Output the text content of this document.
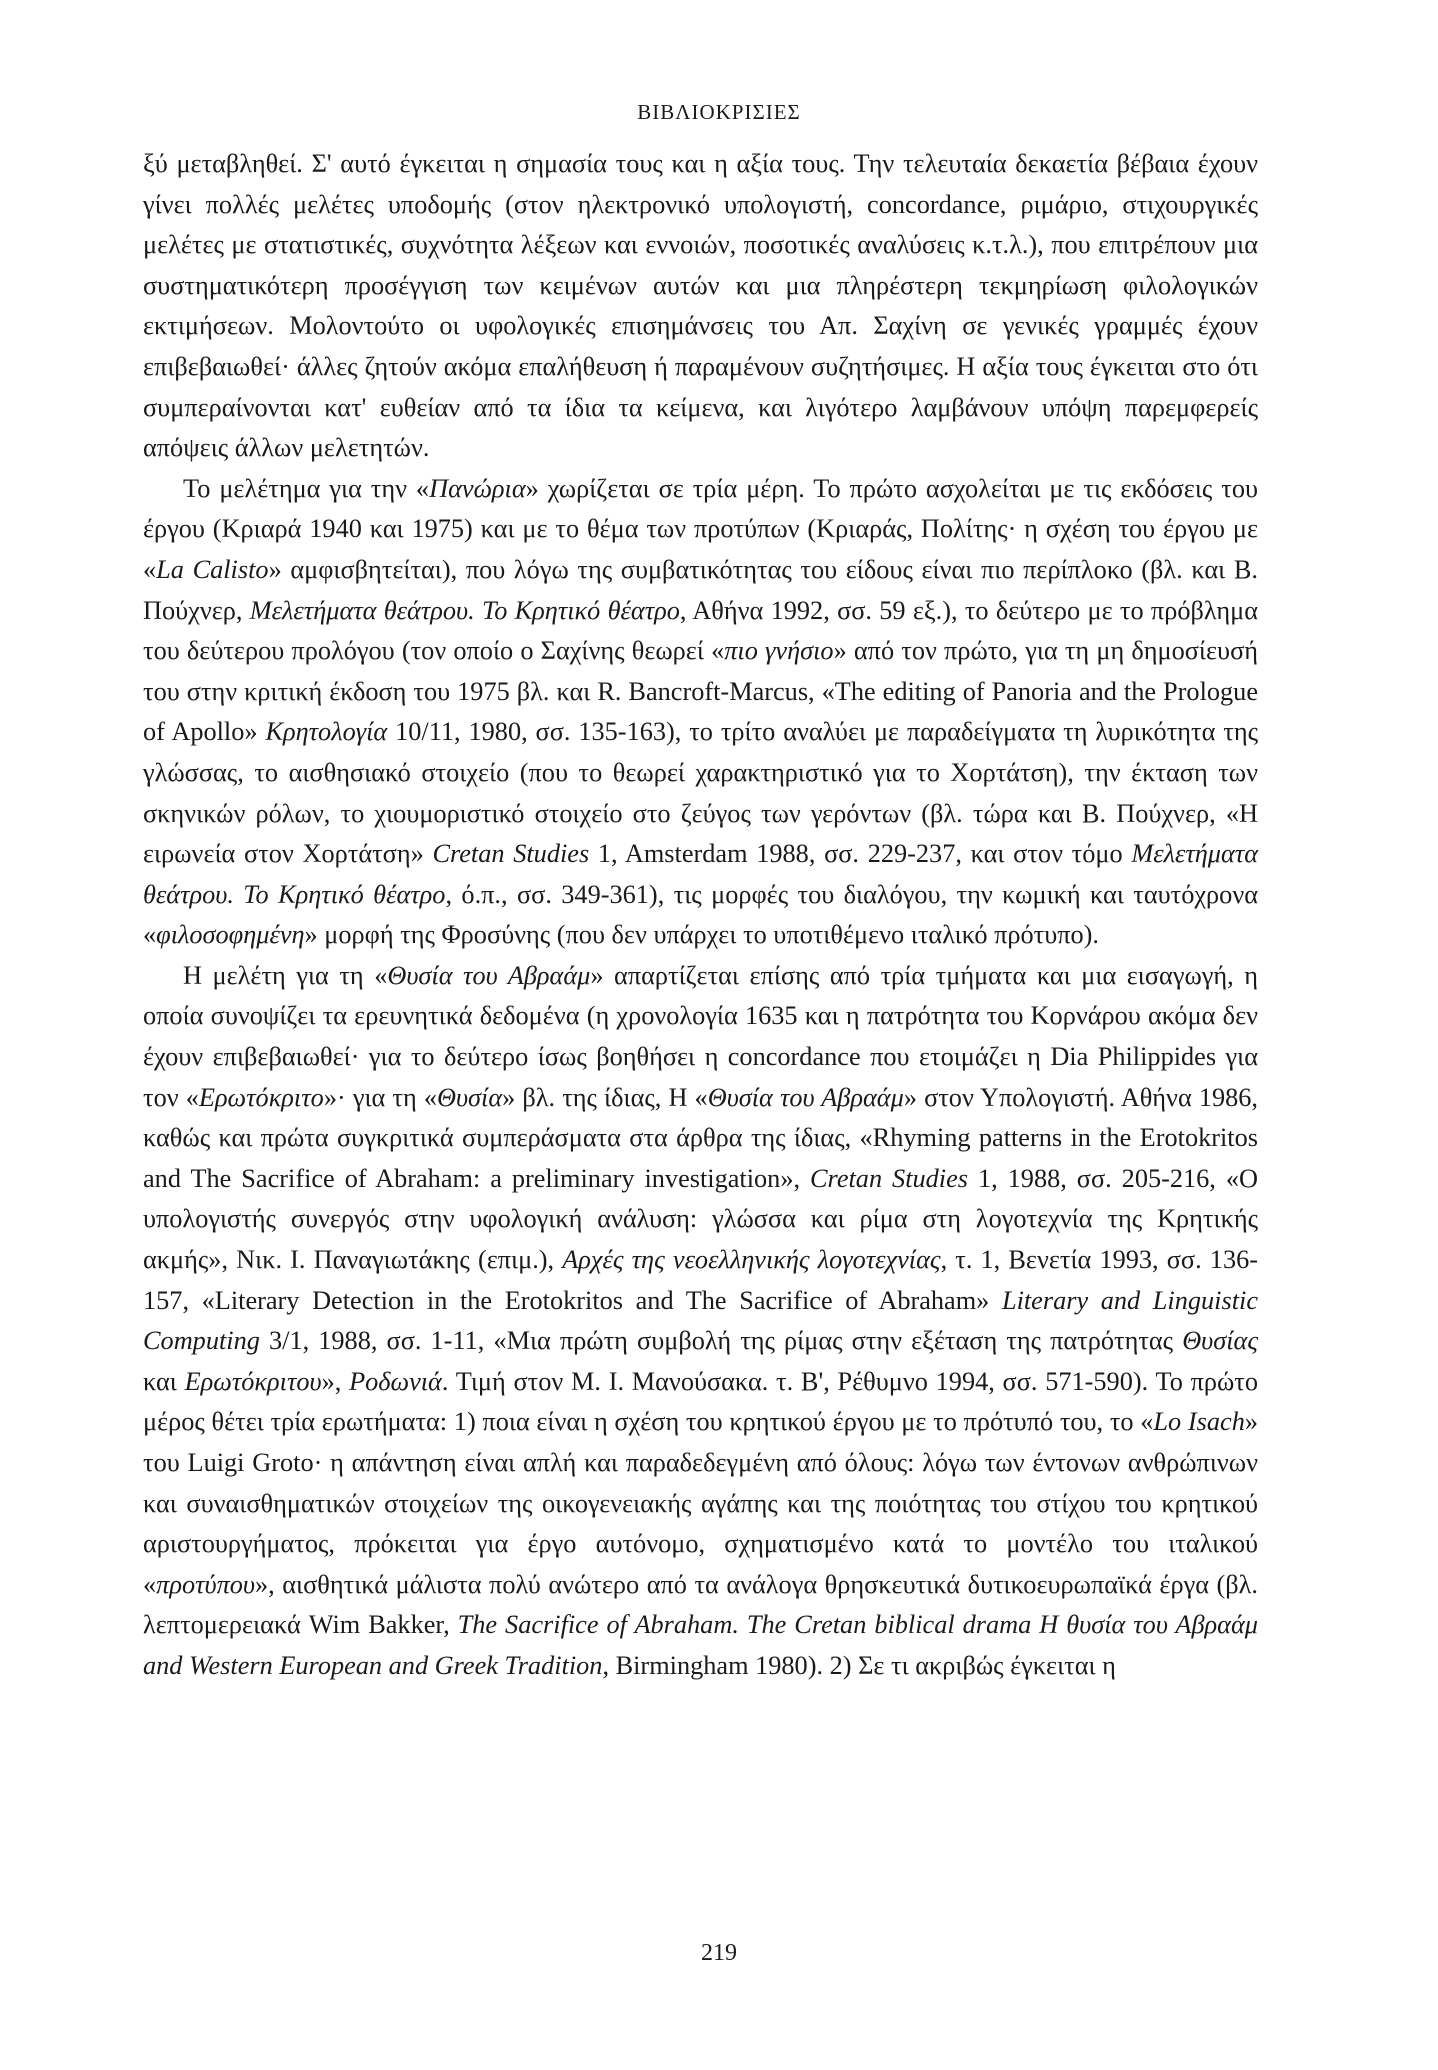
ΒΙΒΛΙΟΚΡΙΣΙΕΣ

ξύ μεταβληθεί. Σ' αυτό έγκειται η σημασία τους και η αξία τους. Την τελευταία δεκαετία βέβαια έχουν γίνει πολλές μελέτες υποδομής (στον ηλεκτρονικό υπολογιστή, concordance, ριμάριο, στιχουργικές μελέτες με στατιστικές, συχνότητα λέξεων και εννοιών, ποσοτικές αναλύσεις κ.τ.λ.), που επιτρέπουν μια συστηματικότερη προσέγγιση των κειμένων αυτών και μια πληρέστερη τεκμηρίωση φιλολογικών εκτιμήσεων. Μολοντούτο οι υφολογικές επισημάνσεις του Απ. Σαχίνη σε γενικές γραμμές έχουν επιβεβαιωθεί· άλλες ζητούν ακόμα επαλήθευση ή παραμένουν συζητήσιμες. Η αξία τους έγκειται στο ότι συμπεραίνονται κατ' ευθείαν από τα ίδια τα κείμενα, και λιγότερο λαμβάνουν υπόψη παρεμφερείς απόψεις άλλων μελετητών.

Το μελέτημα για την «Πανώρια» χωρίζεται σε τρία μέρη. Το πρώτο ασχολείται με τις εκδόσεις του έργου (Κριαρά 1940 και 1975) και με το θέμα των προτύπων (Κριαράς, Πολίτης· η σχέση του έργου με «La Calisto» αμφισβητείται), που λόγω της συμβατικότητας του είδους είναι πιο περίπλοκο (βλ. και Β. Πούχνερ, Μελετήματα θεάτρου. Το Κρητικό θέατρο, Αθήνα 1992, σσ. 59 εξ.), το δεύτερο με το πρόβλημα του δεύτερου προλόγου (τον οποίο ο Σαχίνης θεωρεί «πιο γνήσιο» από τον πρώτο, για τη μη δημοσίευσή του στην κριτική έκδοση του 1975 βλ. και R. Bancroft-Marcus, «The editing of Panoria and the Prologue of Apollo» Κρητολογία 10/11, 1980, σσ. 135-163), το τρίτο αναλύει με παραδείγματα τη λυρικότητα της γλώσσας, το αισθησιακό στοιχείο (που το θεωρεί χαρακτηριστικό για το Χορτάτση), την έκταση των σκηνικών ρόλων, το χιουμοριστικό στοιχείο στο ζεύγος των γερόντων (βλ. τώρα και Β. Πούχνερ, «Η ειρωνεία στον Χορτάτση» Cretan Studies 1, Amsterdam 1988, σσ. 229-237, και στον τόμο Μελετήματα θεάτρου. Το Κρητικό θέατρο, ό.π., σσ. 349-361), τις μορφές του διαλόγου, την κωμική και ταυτόχρονα «φιλοσοφημένη» μορφή της Φροσύνης (που δεν υπάρχει το υποτιθέμενο ιταλικό πρότυπο).

Η μελέτη για τη «Θυσία του Αβραάμ» απαρτίζεται επίσης από τρία τμήματα και μια εισαγωγή, η οποία συνοψίζει τα ερευνητικά δεδομένα (η χρονολογία 1635 και η πατρότητα του Κορνάρου ακόμα δεν έχουν επιβεβαιωθεί· για το δεύτερο ίσως βοηθήσει η concordance που ετοιμάζει η Dia Philippides για τον «Ερωτόκριτο»· για τη «Θυσία» βλ. της ίδιας, Η «Θυσία του Αβραάμ» στον Υπολογιστή. Αθήνα 1986, καθώς και πρώτα συγκριτικά συμπεράσματα στα άρθρα της ίδιας, «Rhyming patterns in the Erotokritos and The Sacrifice of Abraham: a preliminary investigation», Cretan Studies 1, 1988, σσ. 205-216, «Ο υπολογιστής συνεργός στην υφολογική ανάλυση: γλώσσα και ρίμα στη λογοτεχνία της Κρητικής ακμής», Νικ. Ι. Παναγιωτάκης (επιμ.), Αρχές της νεοελληνικής λογοτεχνίας, τ. 1, Βενετία 1993, σσ. 136-157, «Literary Detection in the Erotokritos and The Sacrifice of Abraham» Literary and Linguistic Computing 3/1, 1988, σσ. 1-11, «Μια πρώτη συμβολή της ρίμας στην εξέταση της πατρότητας Θυσίας και Ερωτόκριτου», Ροδωνιά. Τιμή στον Μ. Ι. Μανούσακα. τ. Β', Ρέθυμνο 1994, σσ. 571-590). Το πρώτο μέρος θέτει τρία ερωτήματα: 1) ποια είναι η σχέση του κρητικού έργου με το πρότυπό του, το «Lo Isach» του Luigi Groto· η απάντηση είναι απλή και παραδεδεγμένη από όλους: λόγω των έντονων ανθρώπινων και συναισθηματικών στοιχείων της οικογενειακής αγάπης και της ποιότητας του στίχου του κρητικού αριστουργήματος, πρόκειται για έργο αυτόνομο, σχηματισμένο κατά το μοντέλο του ιταλικού «προτύπου», αισθητικά μάλιστα πολύ ανώτερο από τα ανάλογα θρησκευτικά δυτικοευρωπαϊκά έργα (βλ. λεπτομερειακά Wim Bakker, The Sacrifice of Abraham. The Cretan biblical drama Η θυσία του Αβραάμ and Western European and Greek Tradition, Birmingham 1980). 2) Σε τι ακριβώς έγκειται η

219
